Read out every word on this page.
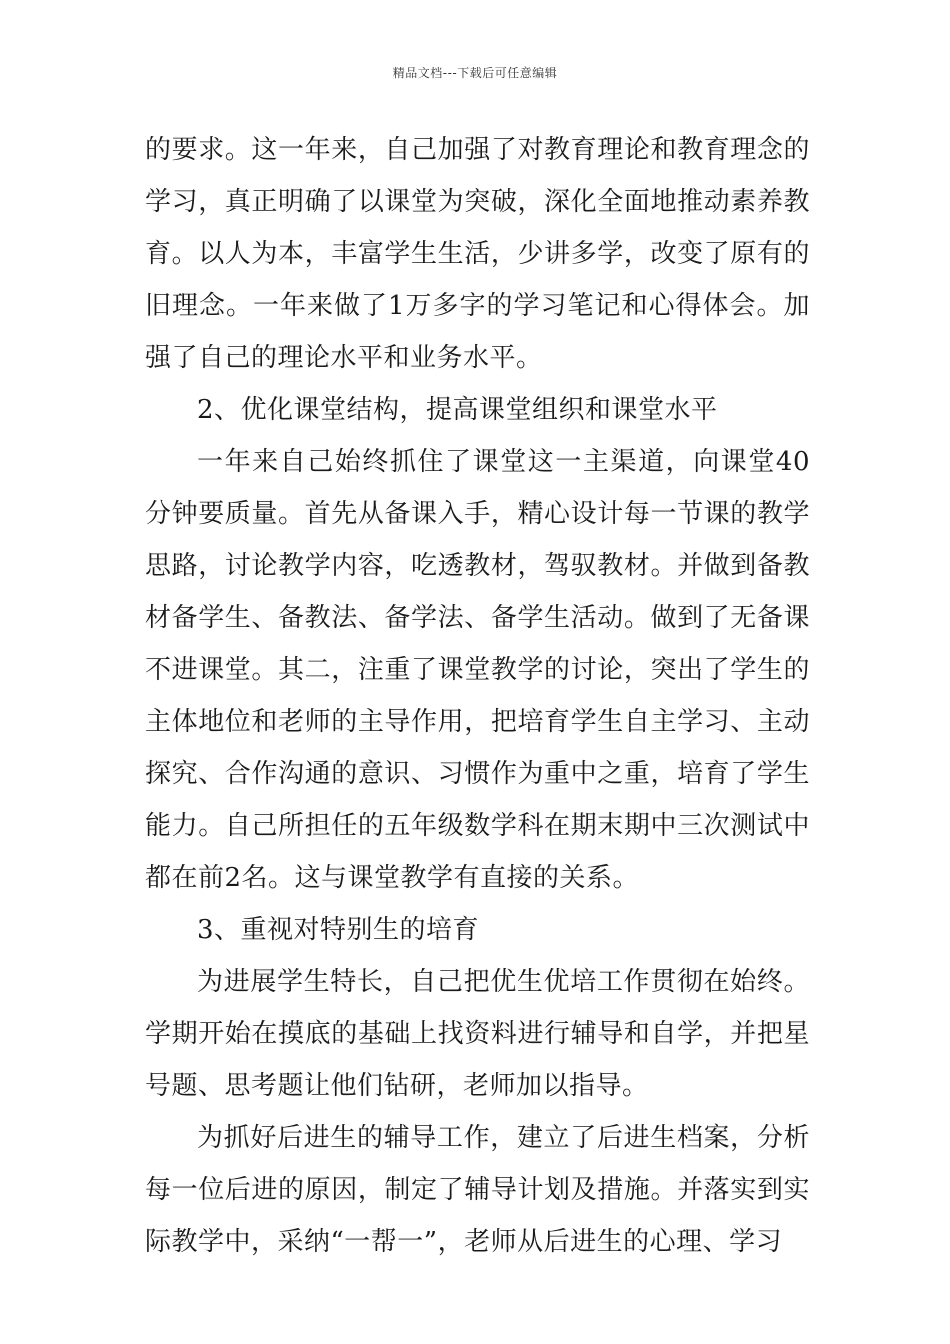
精品文档---下载后可任意编辑

的要求。这一年来，自己加强了对教育理论和教育理念的学习，真正明确了以课堂为突破，深化全面地推动素养教育。以人为本，丰富学生生活，少讲多学，改变了原有的旧理念。一年来做了1万多字的学习笔记和心得体会。加强了自己的理论水平和业务水平。

2、优化课堂结构，提高课堂组织和课堂水平

一年来自己始终抓住了课堂这一主渠道，向课堂40分钟要质量。首先从备课入手，精心设计每一节课的教学思路，讨论教学内容，吃透教材，驾驭教材。并做到备教材备学生、备教法、备学法、备学生活动。做到了无备课不进课堂。其二，注重了课堂教学的讨论，突出了学生的主体地位和老师的主导作用，把培育学生自主学习、主动探究、合作沟通的意识、习惯作为重中之重，培育了学生能力。自己所担任的五年级数学科在期末期中三次测试中都在前2名。这与课堂教学有直接的关系。

3、重视对特别生的培育

为进展学生特长，自己把优生优培工作贯彻在始终。学期开始在摸底的基础上找资料进行辅导和自学，并把星号题、思考题让他们钻研，老师加以指导。

为抓好后进生的辅导工作，建立了后进生档案，分析每一位后进的原因，制定了辅导计划及措施。并落实到实际教学中，采纳“一帮一”，老师从后进生的心理、学习
